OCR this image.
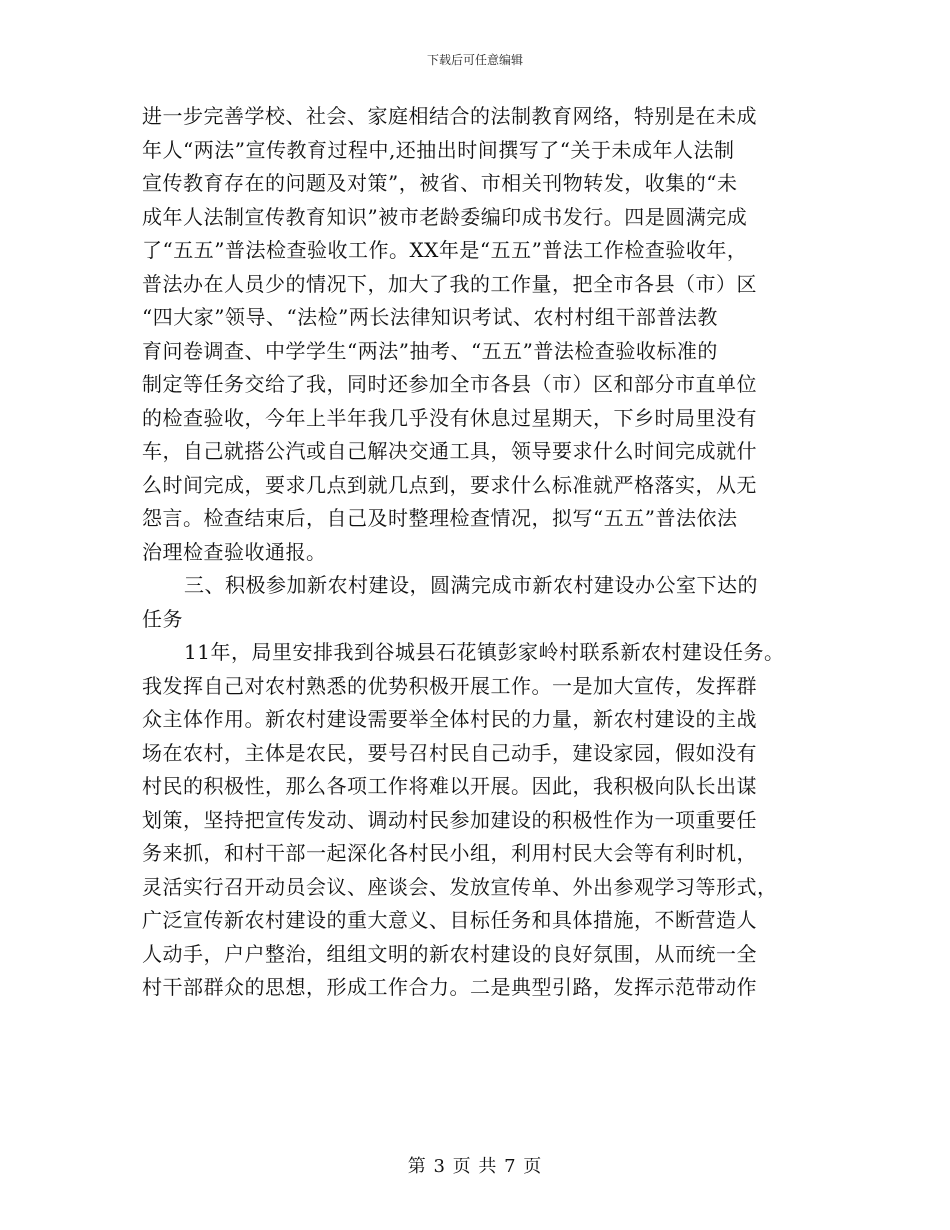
下载后可任意编辑
进一步完善学校、社会、家庭相结合的法制教育网络，特别是在未成
年人“两法”宣传教育过程中,还抽出时间撰写了“关于未成年人法制
宣传教育存在的问题及对策”，被省、市相关刊物转发，收集的“未
成年人法制宣传教育知识”被市老龄委编印成书发行。四是圆满完成
了“五五”普法检查验收工作。XX年是“五五”普法工作检查验收年，
普法办在人员少的情况下，加大了我的工作量，把全市各县（市）区
“四大家”领导、“法检”两长法律知识考试、农村村组干部普法教
育问卷调查、中学学生“两法”抽考、“五五”普法检查验收标准的
制定等任务交给了我，同时还参加全市各县（市）区和部分市直单位
的检查验收，今年上半年我几乎没有休息过星期天，下乡时局里没有
车，自己就搭公汽或自己解决交通工具，领导要求什么时间完成就什
么时间完成，要求几点到就几点到，要求什么标准就严格落实，从无
怨言。检查结束后，自己及时整理检查情况，拟写“五五”普法依法
治理检查验收通报。
三、积极参加新农村建设，圆满完成市新农村建设办公室下达的
任务
11年，局里安排我到谷城县石花镇彭家岭村联系新农村建设任务。
我发挥自己对农村熟悉的优势积极开展工作。一是加大宣传，发挥群
众主体作用。新农村建设需要举全体村民的力量，新农村建设的主战
场在农村，主体是农民，要号召村民自己动手，建设家园，假如没有
村民的积极性，那么各项工作将难以开展。因此，我积极向队长出谋
划策，坚持把宣传发动、调动村民参加建设的积极性作为一项重要任
务来抓，和村干部一起深化各村民小组，利用村民大会等有利时机，
灵活实行召开动员会议、座谈会、发放宣传单、外出参观学习等形式，
广泛宣传新农村建设的重大意义、目标任务和具体措施，不断营造人
人动手，户户整治，组组文明的新农村建设的良好氛围，从而统一全
村干部群众的思想，形成工作合力。二是典型引路，发挥示范带动作
第 3 页 共 7 页
